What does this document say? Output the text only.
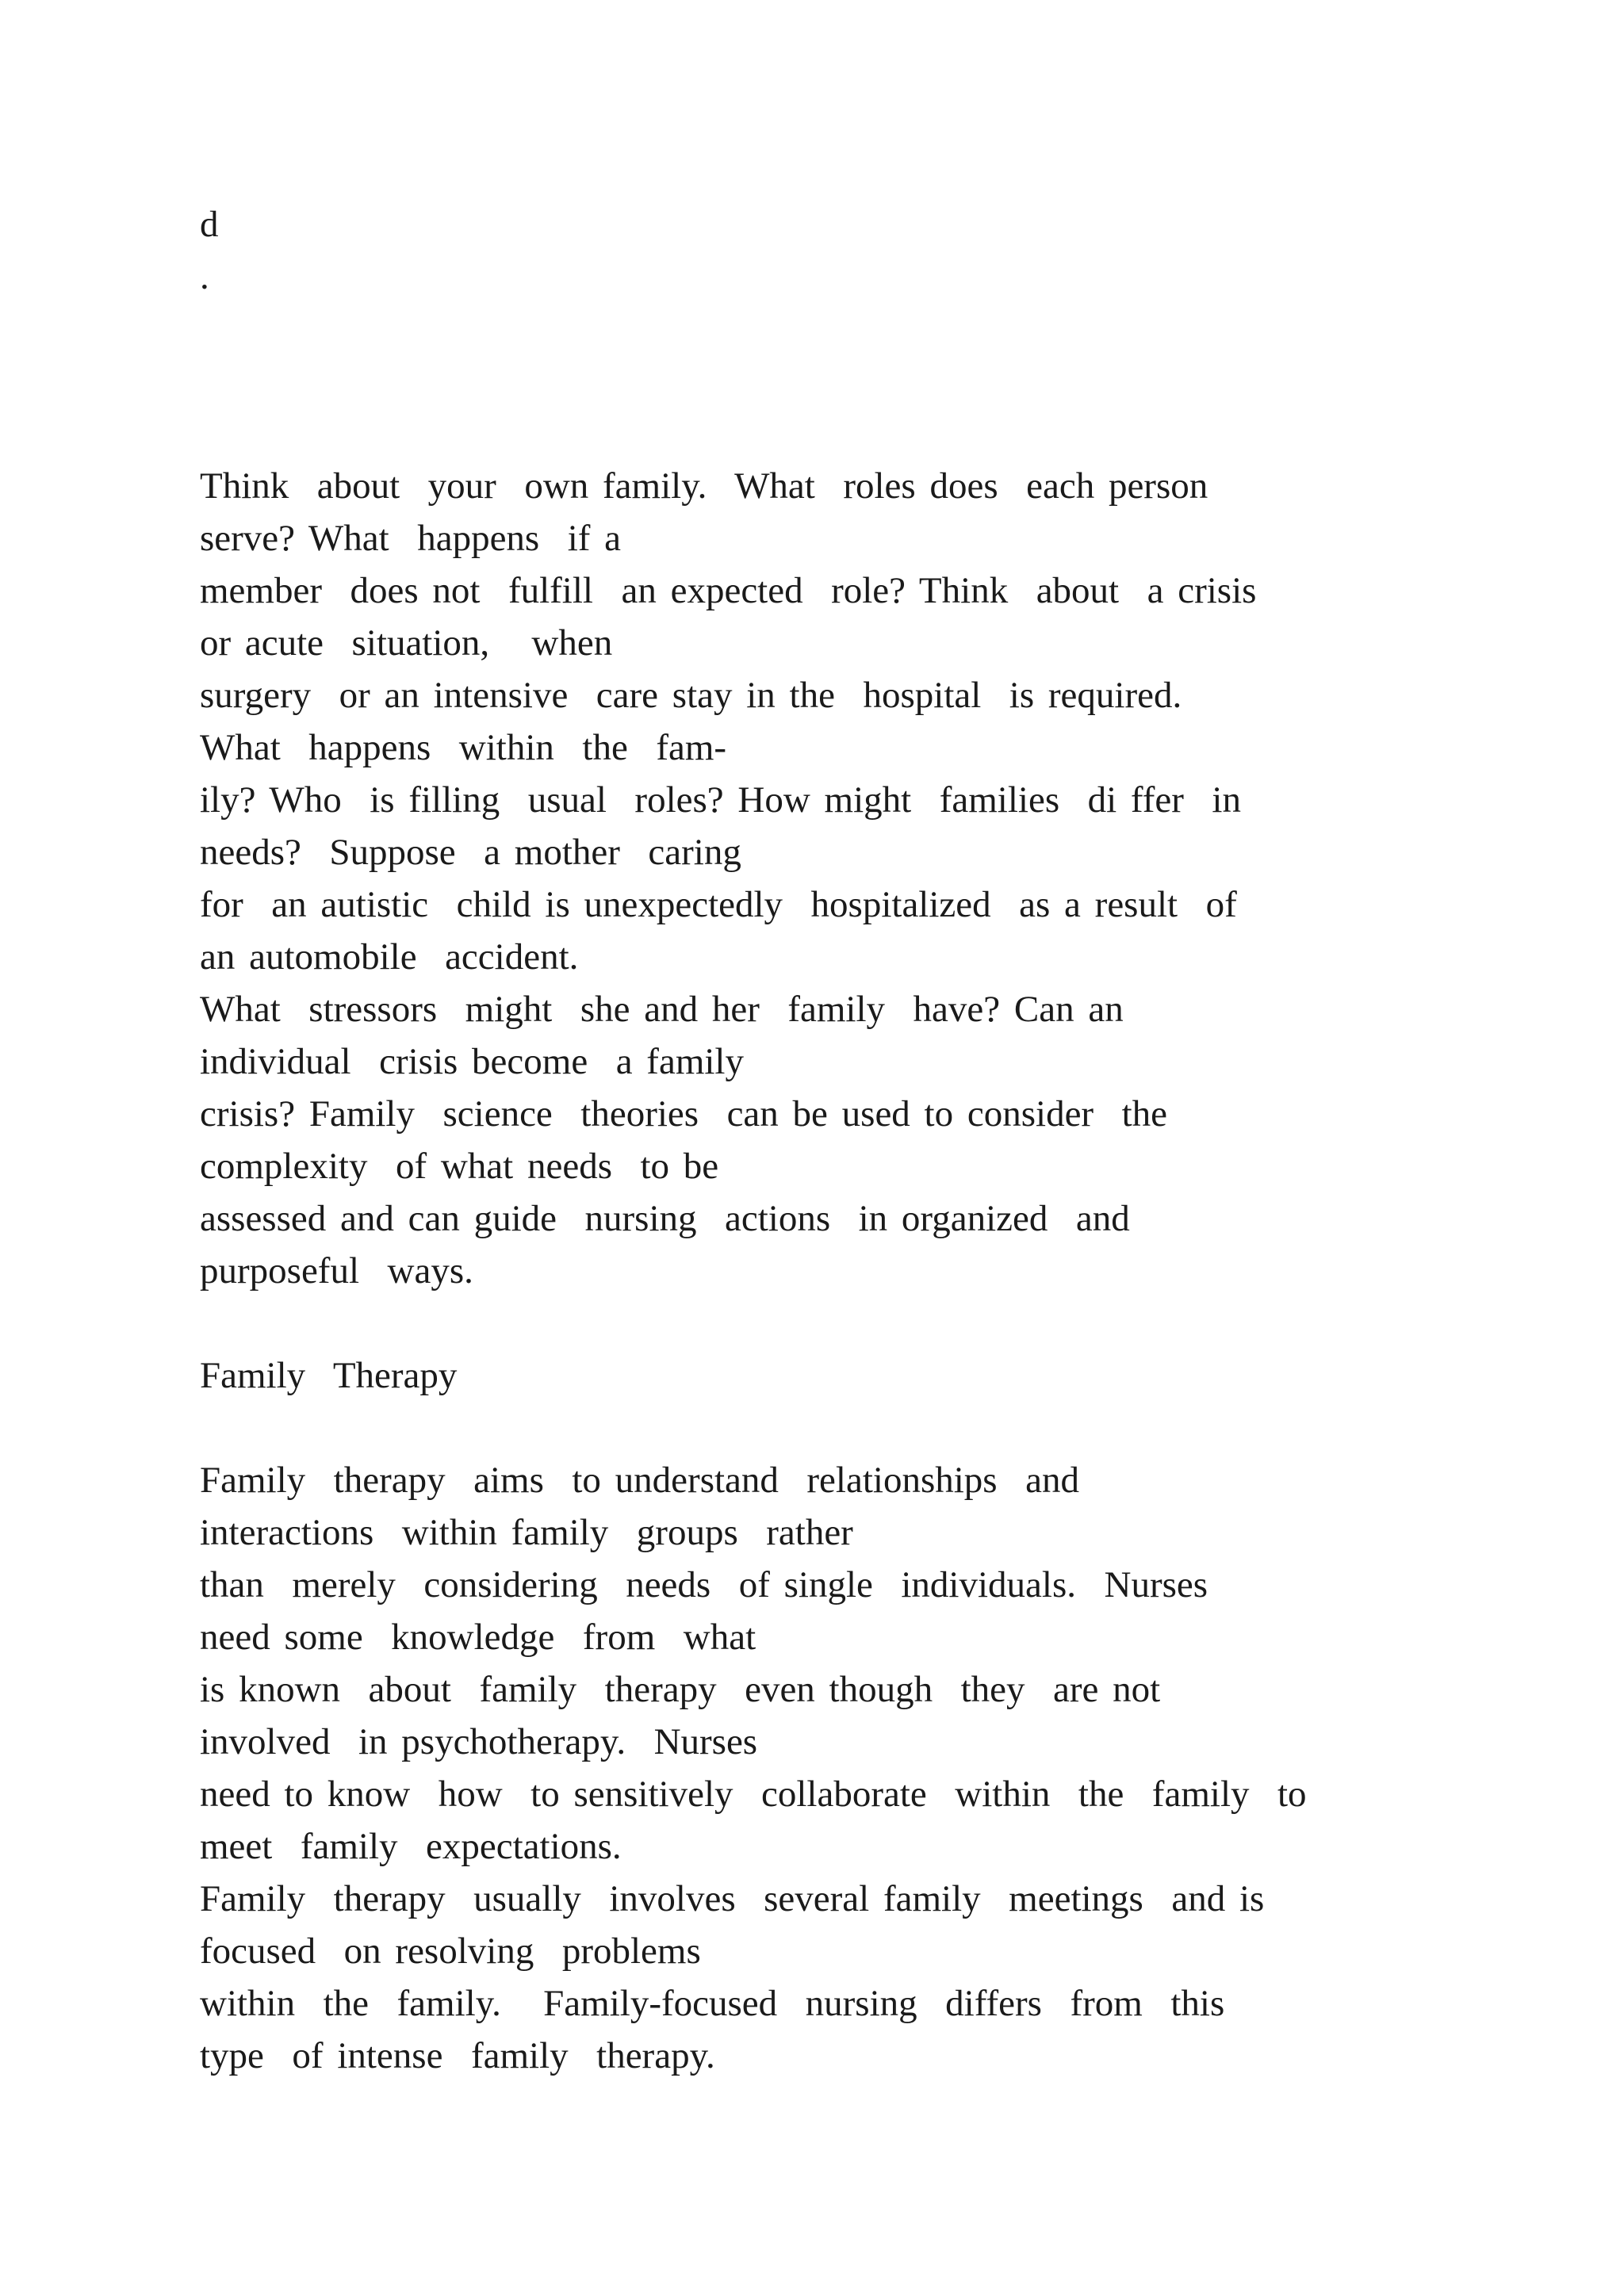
d
.
Think  about  your  own family.  What  roles does  each person
serve? What  happens  if a
member  does not  fulfill  an expected  role? Think  about  a crisis
or acute  situation,   when
surgery  or an intensive  care stay in the  hospital  is required.
What  happens  within  the  fam-
ily? Who  is filling  usual  roles? How might  families  di ffer  in
needs?  Suppose  a mother  caring
for  an autistic  child is unexpectedly  hospitalized  as a result  of
an automobile  accident.
What  stressors  might  she and her  family  have? Can an
individual  crisis become  a family
crisis? Family  science  theories  can be used to consider  the
complexity  of what needs  to be
assessed and can guide  nursing  actions  in organized  and
purposeful  ways.
Family  Therapy
Family  therapy  aims  to understand  relationships  and
interactions  within family  groups  rather
than  merely  considering  needs  of single  individuals.  Nurses
need some  knowledge  from  what
is known  about  family  therapy  even though  they  are not
involved  in psychotherapy.  Nurses
need to know  how  to sensitively  collaborate  within  the  family  to
meet  family  expectations.
Family  therapy  usually  involves  several family  meetings  and is
focused  on resolving  problems
within  the  family.   Family-focused  nursing  differs  from  this
type  of intense  family  therapy.
